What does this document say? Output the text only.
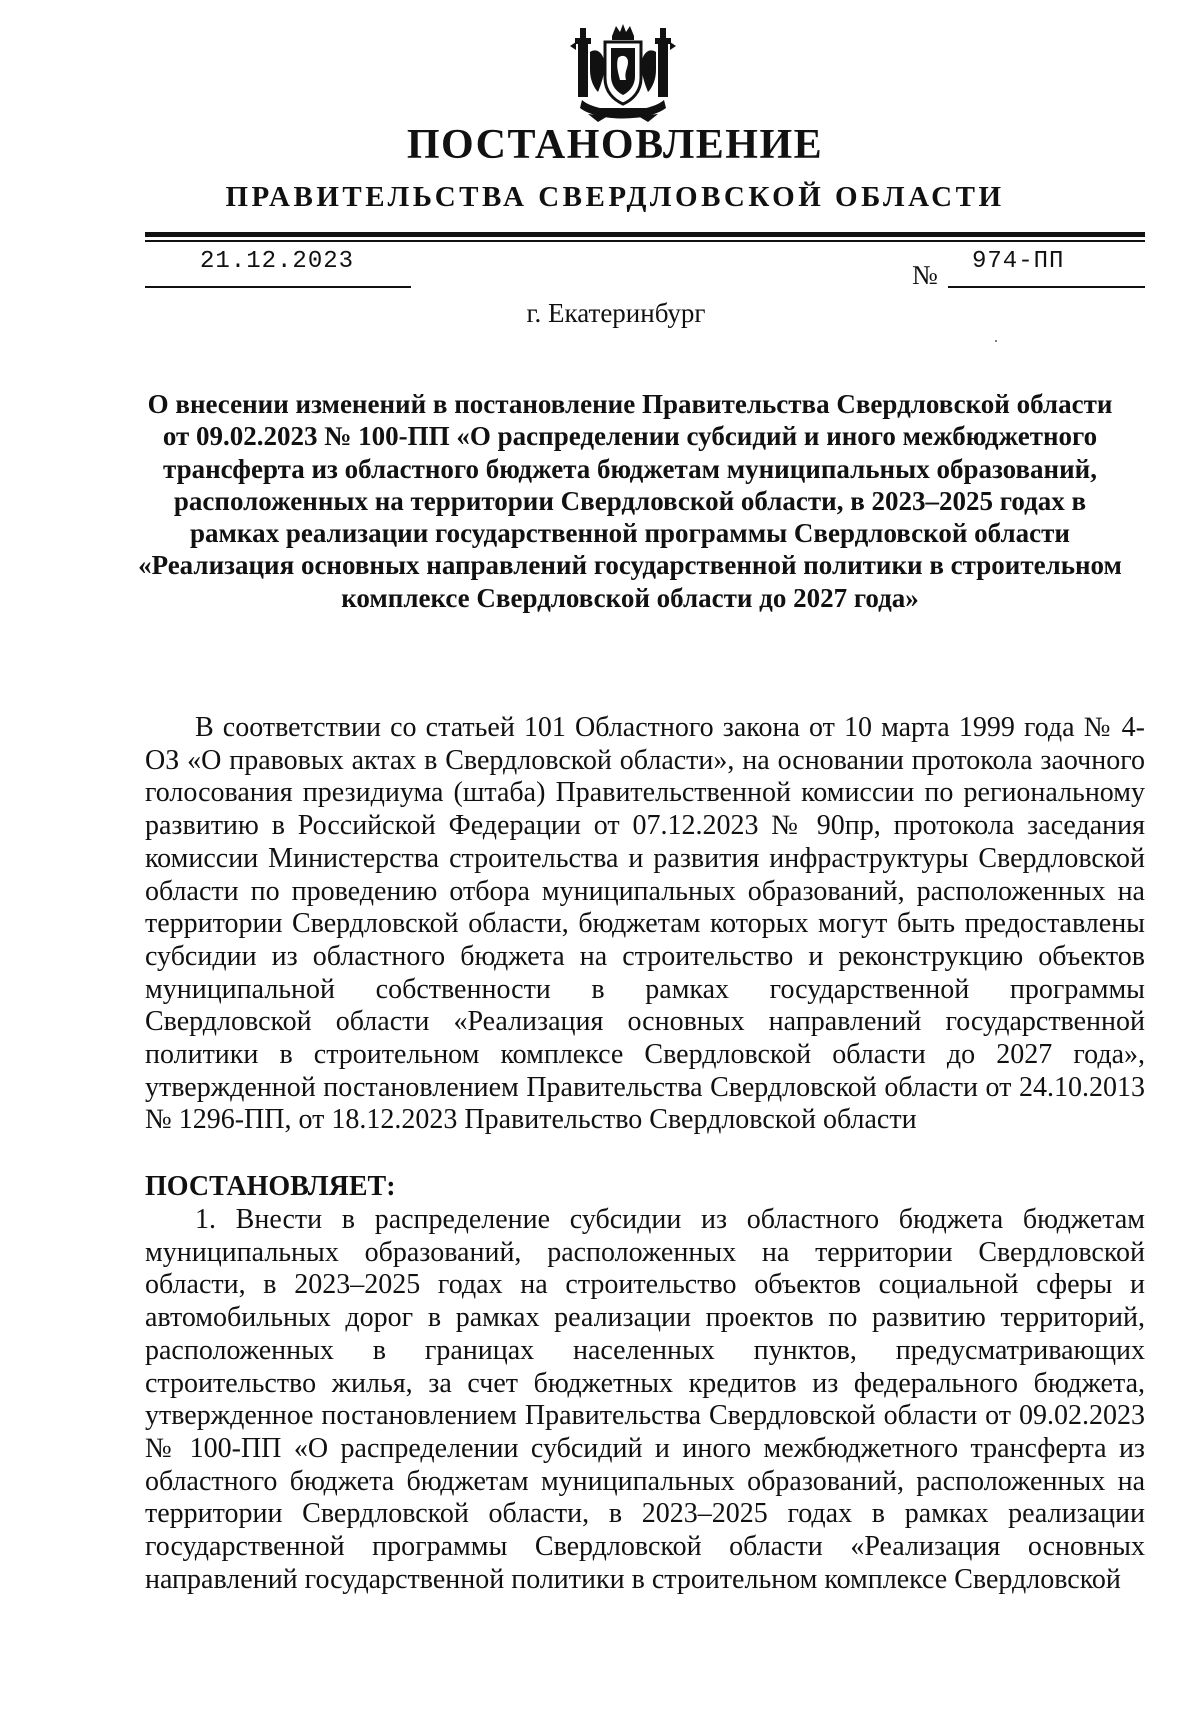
ПОСТАНОВЛЕНИЕ
ПРАВИТЕЛЬСТВА СВЕРДЛОВСКОЙ ОБЛАСТИ
21.12.2023	№ 974-ПП
г. Екатеринбург

О внесении изменений в постановление Правительства Свердловской области от 09.02.2023 № 100-ПП «О распределении субсидий и иного межбюджетного трансферта из областного бюджета бюджетам муниципальных образований, расположенных на территории Свердловской области, в 2023–2025 годах в рамках реализации государственной программы Свердловской области «Реализация основных направлений государственной политики в строительном комплексе Свердловской области до 2027 года»

В соответствии со статьей 101 Областного закона от 10 марта 1999 года № 4-ОЗ «О правовых актах в Свердловской области», на основании протокола заочного голосования президиума (штаба) Правительственной комиссии по региональному развитию в Российской Федерации от 07.12.2023 № 90пр, протокола заседания комиссии Министерства строительства и развития инфраструктуры Свердловской области по проведению отбора муниципальных образований, расположенных на территории Свердловской области, бюджетам которых могут быть предоставлены субсидии из областного бюджета на строительство и реконструкцию объектов муниципальной собственности в рамках государственной программы Свердловской области «Реализация основных направлений государственной политики в строительном комплексе Свердловской области до 2027 года», утвержденной постановлением Правительства Свердловской области от 24.10.2013 № 1296-ПП, от 18.12.2023 Правительство Свердловской области

ПОСТАНОВЛЯЕТ:

1. Внести в распределение субсидии из областного бюджета бюджетам муниципальных образований, расположенных на территории Свердловской области, в 2023–2025 годах на строительство объектов социальной сферы и автомобильных дорог в рамках реализации проектов по развитию территорий, расположенных в границах населенных пунктов, предусматривающих строительство жилья, за счет бюджетных кредитов из федерального бюджета, утвержденное постановлением Правительства Свердловской области от 09.02.2023 № 100-ПП «О распределении субсидий и иного межбюджетного трансферта из областного бюджета бюджетам муниципальных образований, расположенных на территории Свердловской области, в 2023–2025 годах в рамках реализации государственной программы Свердловской области «Реализация основных направлений государственной политики в строительном комплексе Свердловской
